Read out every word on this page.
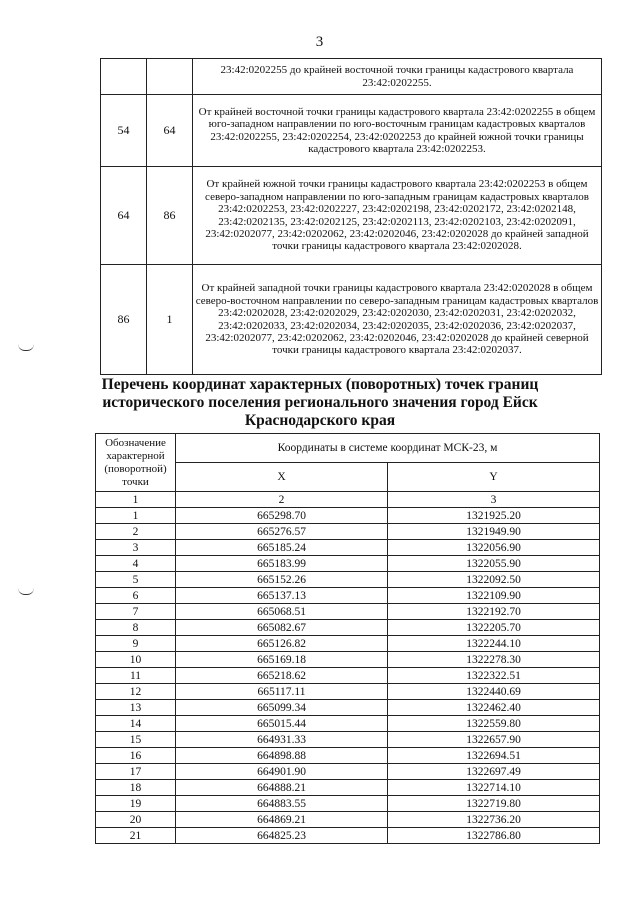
3
		23:42:0202255 до крайней восточной точки границы кадастрового квартала 23:42:0202255.
54	64	От крайней восточной точки границы кадастрового квартала 23:42:0202255 в общем юго-западном направлении по юго-восточным границам кадастровых кварталов 23:42:0202255, 23:42:0202254, 23:42:0202253 до крайней южной точки границы кадастрового квартала 23:42:0202253.
64	86	От крайней южной точки границы кадастрового квартала 23:42:0202253 в общем северо-западном направлении по юго-западным границам кадастровых кварталов 23:42:0202253, 23:42:0202227, 23:42:0202198, 23:42:0202172, 23:42:0202148, 23:42:0202135, 23:42:0202125, 23:42:0202113, 23:42:0202103, 23:42:0202091, 23:42:0202077, 23:42:0202062, 23:42:0202046, 23:42:0202028 до крайней западной точки границы кадастрового квартала 23:42:0202028.
86	1	От крайней западной точки границы кадастрового квартала 23:42:0202028 в общем северо-восточном направлении по северо-западным границам кадастровых кварталов 23:42:0202028, 23:42:0202029, 23:42:0202030, 23:42:0202031, 23:42:0202032, 23:42:0202033, 23:42:0202034, 23:42:0202035, 23:42:0202036, 23:42:0202037, 23:42:0202077, 23:42:0202062, 23:42:0202046, 23:42:0202028 до крайней северной точки границы кадастрового квартала 23:42:0202037.
Перечень координат характерных (поворотных) точек границ исторического поселения регионального значения город Ейск Краснодарского края
Обозначение характерной (поворотной) точки	Координаты в системе координат МСК-23, м	
	X	Y
1	2	3
1	665298.70	1321925.20
2	665276.57	1321949.90
3	665185.24	1322056.90
4	665183.99	1322055.90
5	665152.26	1322092.50
6	665137.13	1322109.90
7	665068.51	1322192.70
8	665082.67	1322205.70
9	665126.82	1322244.10
10	665169.18	1322278.30
11	665218.62	1322322.51
12	665117.11	1322440.69
13	665099.34	1322462.40
14	665015.44	1322559.80
15	664931.33	1322657.90
16	664898.88	1322694.51
17	664901.90	1322697.49
18	664888.21	1322714.10
19	664883.55	1322719.80
20	664869.21	1322736.20
21	664825.23	1322786.80
